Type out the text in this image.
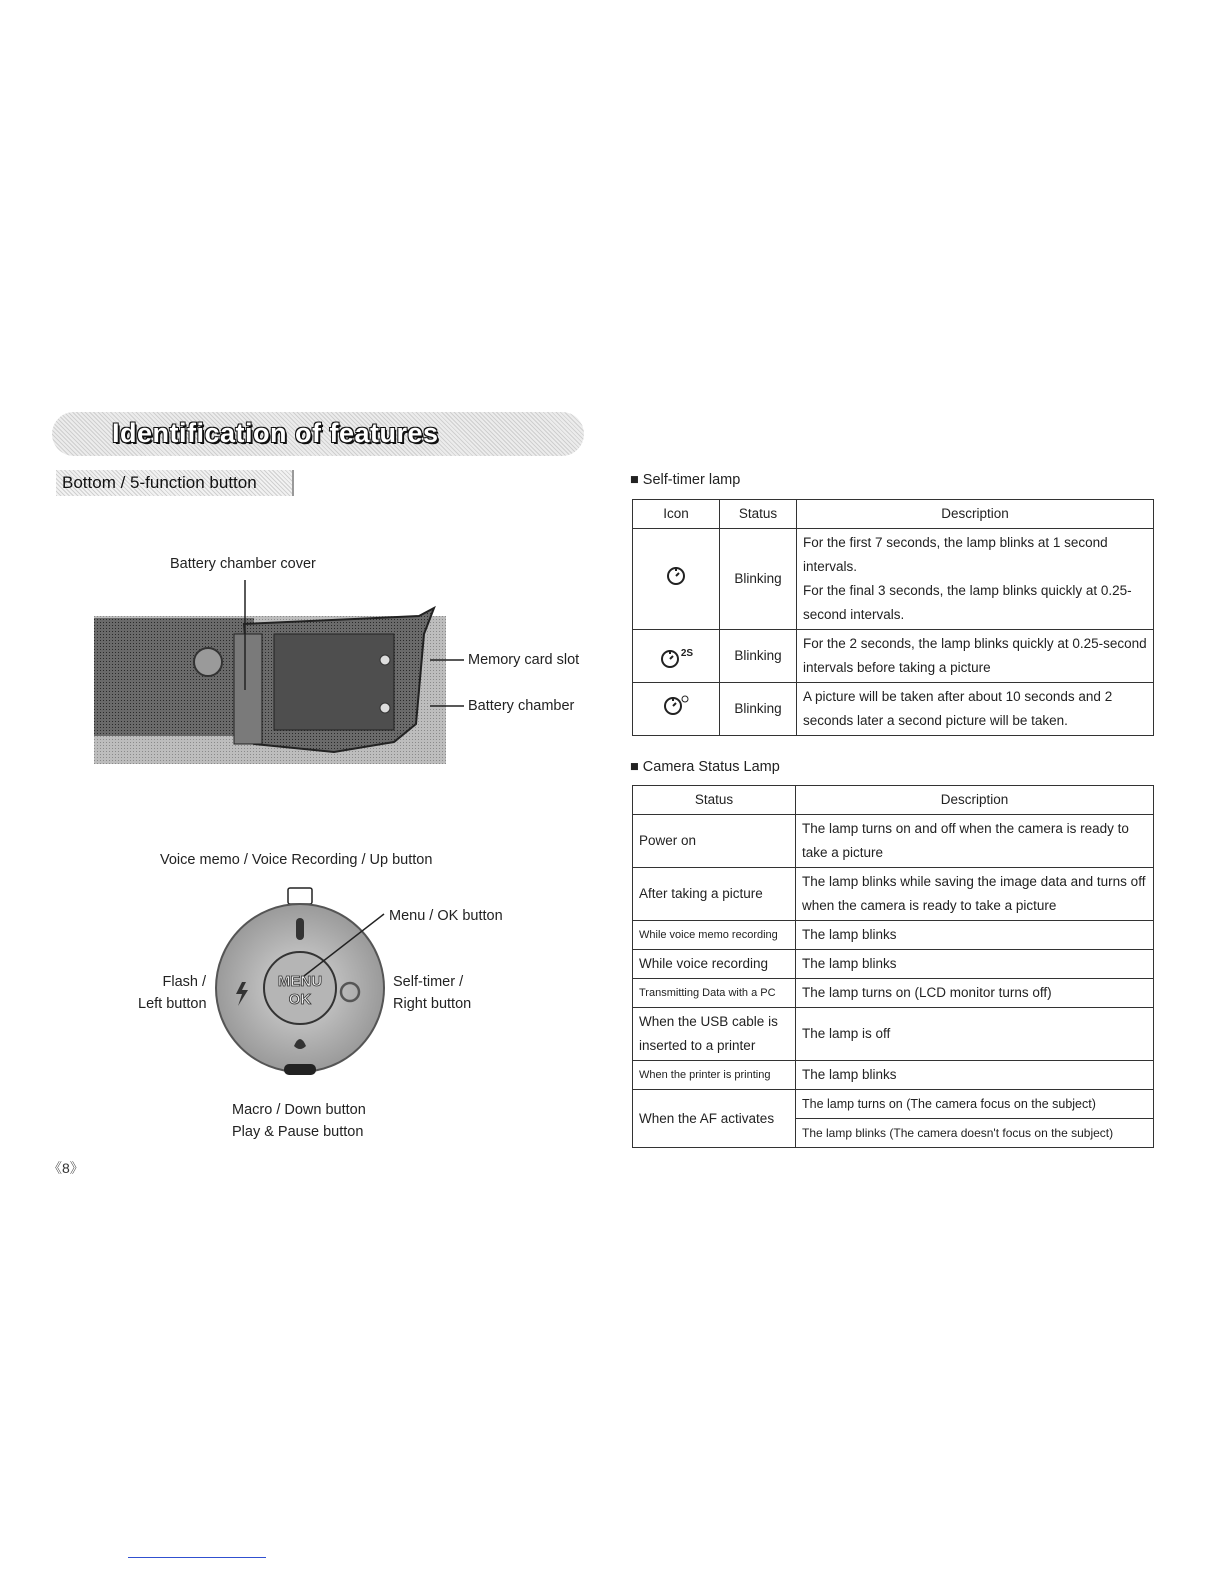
Identification of features
Bottom / 5-function button
Battery chamber cover
Memory card slot
Battery chamber
Voice memo / Voice Recording / Up button
Menu / OK button
Flash /
Left button
Self-timer /
Right button
Macro / Down button
Play & Pause button
MENU
OK
■ Self-timer lamp
Icon	Status	Description
	Blinking	For the first 7 seconds, the lamp blinks at 1 second intervals.
For the final 3 seconds, the lamp blinks quickly at 0.25-second intervals.

$^{2S}$	Blinking	For the 2 seconds, the lamp blinks quickly at 0.25-second intervals before taking a picture
	Blinking	A picture will be taken after about 10 seconds and 2 seconds later a second picture will be taken.
■ Camera Status Lamp
Status	Description
Power on	The lamp turns on and off when the camera is ready to take a picture
After taking a picture	The lamp blinks while saving the image data and turns off when the camera is ready to take a picture
While voice memo recording	The lamp blinks
While voice recording	The lamp blinks
Transmitting Data with a PC	The lamp turns on (LCD monitor turns off)
When the USB cable is inserted to a printer	The lamp is off
When the printer is printing	The lamp blinks
When the AF activates	The lamp turns on (The camera focus on the subject)
	The lamp blinks (The camera doesn't focus on the subject)
《8》
